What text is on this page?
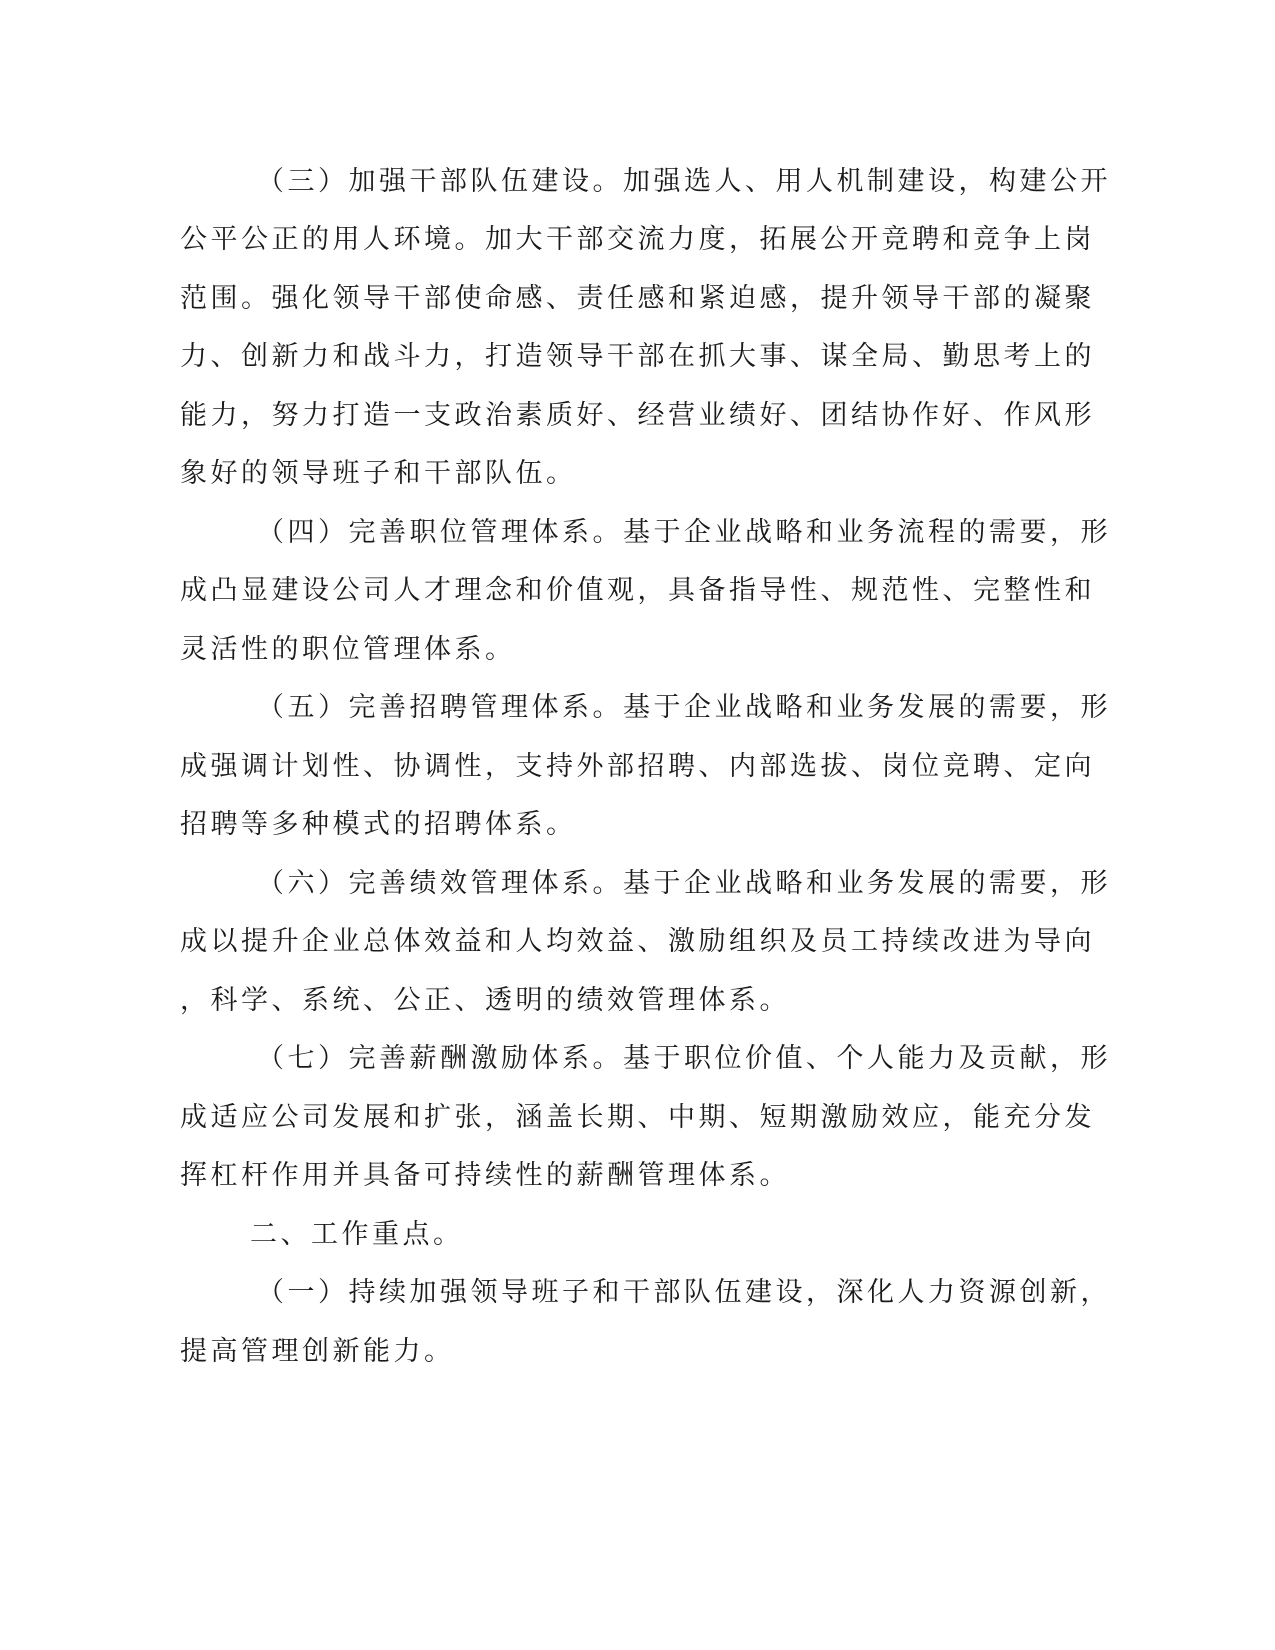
（三）加强干部队伍建设。加强选人、用人机制建设，构建公开
公平公正的用人环境。加大干部交流力度，拓展公开竞聘和竞争上岗
范围。强化领导干部使命感、责任感和紧迫感，提升领导干部的凝聚
力、创新力和战斗力，打造领导干部在抓大事、谋全局、勤思考上的
能力，努力打造一支政治素质好、经营业绩好、团结协作好、作风形
象好的领导班子和干部队伍。
（四）完善职位管理体系。基于企业战略和业务流程的需要，形
成凸显建设公司人才理念和价值观，具备指导性、规范性、完整性和
灵活性的职位管理体系。
（五）完善招聘管理体系。基于企业战略和业务发展的需要，形
成强调计划性、协调性，支持外部招聘、内部选拔、岗位竞聘、定向
招聘等多种模式的招聘体系。
（六）完善绩效管理体系。基于企业战略和业务发展的需要，形
成以提升企业总体效益和人均效益、激励组织及员工持续改进为导向
，科学、系统、公正、透明的绩效管理体系。
（七）完善薪酬激励体系。基于职位价值、个人能力及贡献，形
成适应公司发展和扩张，涵盖长期、中期、短期激励效应，能充分发
挥杠杆作用并具备可持续性的薪酬管理体系。
二、工作重点。
（一）持续加强领导班子和干部队伍建设，深化人力资源创新，
提高管理创新能力。
